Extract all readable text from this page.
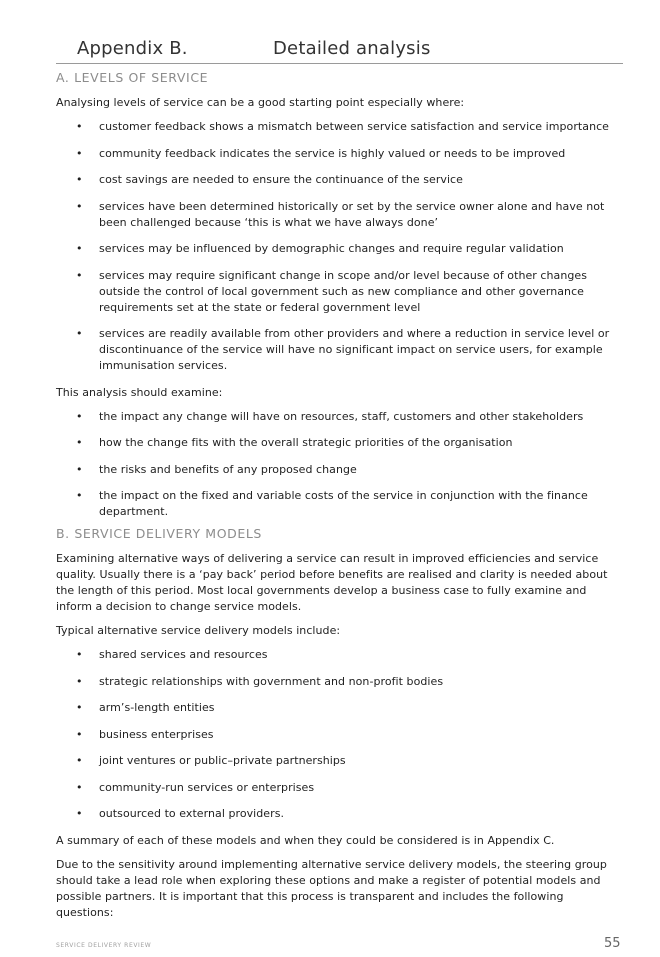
Appendix B.	Detailed analysis
A. LEVELS OF SERVICE

Analysing levels of service can be a good starting point especially where:

• customer feedback shows a mismatch between service satisfaction and service importance
• community feedback indicates the service is highly valued or needs to be improved
• cost savings are needed to ensure the continuance of the service
• services have been determined historically or set by the service owner alone and have not been challenged because ‘this is what we have always done’
• services may be influenced by demographic changes and require regular validation
• services may require significant change in scope and/or level because of other changes outside the control of local government such as new compliance and other governance requirements set at the state or federal government level
• services are readily available from other providers and where a reduction in service level or discontinuance of the service will have no significant impact on service users, for example immunisation services.

This analysis should examine:

• the impact any change will have on resources, staff, customers and other stakeholders
• how the change fits with the overall strategic priorities of the organisation
• the risks and benefits of any proposed change
• the impact on the fixed and variable costs of the service in conjunction with the finance department.
B. SERVICE DELIVERY MODELS

Examining alternative ways of delivering a service can result in improved efficiencies and service quality. Usually there is a ‘pay back’ period before benefits are realised and clarity is needed about the length of this period. Most local governments develop a business case to fully examine and inform a decision to change service models.

Typical alternative service delivery models include:

• shared services and resources
• strategic relationships with government and non-profit bodies
• arm’s-length entities
• business enterprises
• joint ventures or public–private partnerships
• community-run services or enterprises
• outsourced to external providers.

A summary of each of these models and when they could be considered is in Appendix C.

Due to the sensitivity around implementing alternative service delivery models, the steering group should take a lead role when exploring these options and make a register of potential models and possible partners. It is important that this process is transparent and includes the following questions:

SERVICE DELIVERY REVIEW	55
